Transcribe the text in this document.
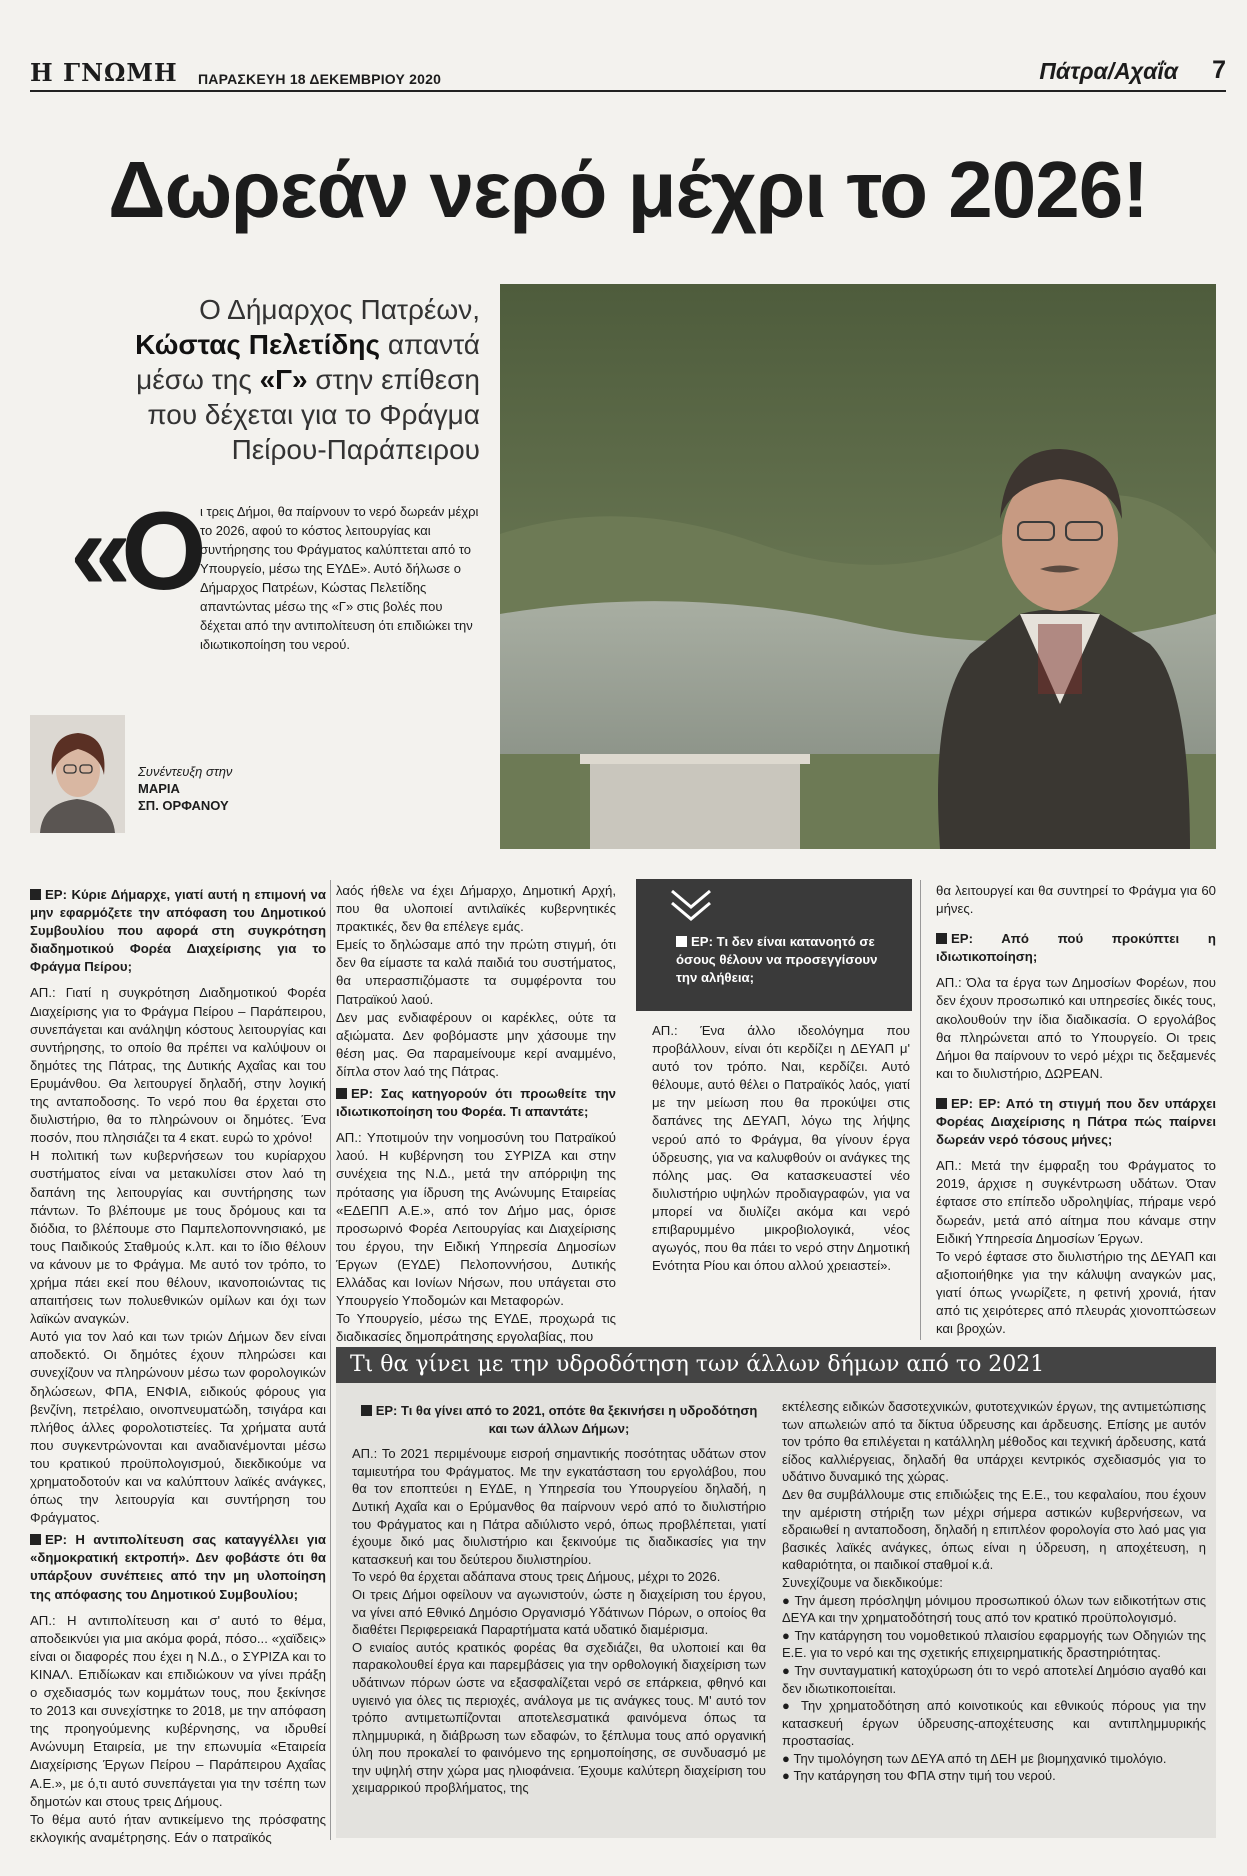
Η ΓΝΩΜΗ ΠΑΡΑΣΚΕΥΗ 18 ΔΕΚΕΜΒΡΙΟΥ 2020	Πάτρα/Αχαΐα 7
Δωρεάν νερό μέχρι το 2026!
Ο Δήμαρχος Πατρέων,
Κώστας Πελετίδης απαντά
μέσω της «Γ» στην επίθεση
που δέχεται για το Φράγμα
Πείρου-Παράπειρου
«Ο ι τρεις Δήμοι, θα παίρνουν το νερό δωρεάν μέχρι το 2026, αφού το κόστος λειτουργίας και συντήρησης του Φράγματος καλύπτεται από το Υπουργείο, μέσω της ΕΥΔΕ». Αυτό δήλωσε ο Δήμαρχος Πατρέων, Κώστας Πελετίδης απαντώντας μέσω της «Γ» στις βολές που δέχεται από την αντιπολίτευση ότι επιδιώκει την ιδιωτικοποίηση του νερού.
Συνέντευξη στην
ΜΑΡΙΑ
ΣΠ. ΟΡΦΑΝΟΥ

ΕΡ: Κύριε Δήμαρχε, γιατί αυτή η επιμονή να μην εφαρμόζετε την απόφαση του Δημοτικού Συμβουλίου που αφορά στη συγκρότηση διαδημοτικού Φορέα Διαχείρισης για το Φράγμα Πείρου;

ΑΠ.: Γιατί η συγκρότηση Διαδημοτικού Φορέα Διαχείρισης για το Φράγμα Πείρου – Παράπειρου, συνεπάγεται και ανάληψη κόστους λειτουργίας και συντήρησης, το οποίο θα πρέπει να καλύψουν οι δημότες της Πάτρας, της Δυτικής Αχαΐας και του Ερυμάνθου. Θα λειτουργεί δηλαδή, στην λογική της ανταποδοσης. Το νερό που θα έρχεται στο διυλιστήριο, θα το πληρώνουν οι δημότες. Ένα ποσόν, που πλησιάζει τα 4 εκατ. ευρώ το χρόνο!

Η πολιτική των κυβερνήσεων του κυρίαρχου συστήματος είναι να μετακυλίσει στον λαό τη δαπάνη της λειτουργίας και συντήρησης των πάντων. Το βλέπουμε με τους δρόμους και τα διόδια, το βλέπουμε στο Παμπελοποννησιακό, με τους Παιδικούς Σταθμούς κ.λπ. και το ίδιο θέλουν να κάνουν με το Φράγμα. Με αυτό τον τρόπο, το χρήμα πάει εκεί που θέλουν, ικανοποιώντας τις απαιτήσεις των πολυεθνικών ομίλων και όχι των λαϊκών αναγκών.

Αυτό για τον λαό και των τριών Δήμων δεν είναι αποδεκτό. Οι δημότες έχουν πληρώσει και συνεχίζουν να πληρώνουν μέσω των φορολογικών δηλώσεων, ΦΠΑ, ΕΝΦΙΑ, ειδικούς φόρους για βενζίνη, πετρέλαιο, οινοπνευματώδη, τσιγάρα και πλήθος άλλες φορολοτιστείες. Τα χρήματα αυτά που συγκεντρώνονται και αναδιανέμονται μέσω του κρατικού προϋπολογισμού, διεκδικούμε να χρηματοδοτούν και να καλύπτουν λαϊκές ανάγκες, όπως την λειτουργία και συντήρηση του Φράγματος.

ΕΡ: Η αντιπολίτευση σας καταγγέλλει για «δημοκρατική εκτροπή». Δεν φοβάστε ότι θα υπάρξουν συνέπειες από την μη υλοποίηση της απόφασης του Δημοτικού Συμβουλίου;

ΑΠ.: Η αντιπολίτευση και σ' αυτό το θέμα, αποδεικνύει για μια ακόμα φορά, πόσο... «χαϊδεις» είναι οι διαφορές που έχει η Ν.Δ., ο ΣΥΡΙΖΑ και το ΚΙΝΑΛ. Επιδίωκαν και επιδιώκουν να γίνει πράξη ο σχεδιασμός των κομμάτων τους, που ξεκίνησε το 2013 και συνεχίστηκε το 2018, με την απόφαση της προηγούμενης κυβέρνησης, να ιδρυθεί Ανώνυμη Εταιρεία, με την επωνυμία «Εταιρεία Διαχείρισης Έργων Πείρου – Παράπειρου Αχαΐας Α.Ε.», με ό,τι αυτό συνεπάγεται για την τσέπη των δημοτών και στους τρεις Δήμους.

Το θέμα αυτό ήταν αντικείμενο της πρόσφατης εκλογικής αναμέτρησης. Εάν ο πατραϊκός

λαός ήθελε να έχει Δήμαρχο, Δημοτική Αρχή, που θα υλοποιεί αντιλαϊκές κυβερνητικές πρακτικές, δεν θα επέλεγε εμάς.

Εμείς το δηλώσαμε από την πρώτη στιγμή, ότι δεν θα είμαστε τα καλά παιδιά του συστήματος, θα υπερασπιζόμαστε τα συμφέροντα του Πατραϊκού λαού.

Δεν μας ενδιαφέρουν οι καρέκλες, ούτε τα αξιώματα. Δεν φοβόμαστε μην χάσουμε την θέση μας. Θα παραμείνουμε κερί αναμμένο, δίπλα στον λαό της Πάτρας.

ΕΡ: Σας κατηγορούν ότι προωθείτε την ιδιωτικοποίηση του Φορέα. Τι απαντάτε;

ΑΠ.: Υποτιμούν την νοημοσύνη του Πατραϊκού λαού. Η κυβέρνηση του ΣΥΡΙΖΑ και στην συνέχεια της Ν.Δ., μετά την απόρριψη της πρότασης για ίδρυση της Ανώνυμης Εταιρείας «ΕΔΕΠΠ Α.Ε.», από τον Δήμο μας, όρισε προσωρινό Φορέα Λειτουργίας και Διαχείρισης του έργου, την Ειδική Υπηρεσία Δημοσίων Έργων (ΕΥΔΕ) Πελοποννήσου, Δυτικής Ελλάδας και Ιονίων Νήσων, που υπάγεται στο Υπουργείο Υποδομών και Μεταφορών.

Το Υπουργείο, μέσω της ΕΥΔΕ, προχωρά τις διαδικασίες δημοπράτησης εργολαβίας, που

ΕΡ: Τι δεν είναι κατανοητό σε όσους θέλουν να προσεγγίσουν την αλήθεια;

ΑΠ.: Ένα άλλο ιδεολόγημα που προβάλλουν, είναι ότι κερδίζει η ΔΕΥΑΠ μ' αυτό τον τρόπο. Ναι, κερδίζει. Αυτό θέλουμε, αυτό θέλει ο Πατραϊκός λαός, γιατί με την μείωση που θα προκύψει στις δαπάνες της ΔΕΥΑΠ, λόγω της λήψης νερού από το Φράγμα, θα γίνουν έργα ύδρευσης, για να καλυφθούν οι ανάγκες της πόλης μας. Θα κατασκευαστεί νέο διυλιστήριο υψηλών προδιαγραφών, για να μπορεί να διυλίζει ακόμα και νερό επιβαρυμμένο μικροβιολογικά, νέος αγωγός, που θα πάει το νερό στην Δημοτική Ενότητα Ρίου και όπου αλλού χρειαστεί».

θα λειτουργεί και θα συντηρεί το Φράγμα για 60 μήνες.

ΕΡ: Από πού προκύπτει η ιδιωτικοποίηση;

ΑΠ.: Όλα τα έργα των Δημοσίων Φορέων, που δεν έχουν προσωπικό και υπηρεσίες δικές τους, ακολουθούν την ίδια διαδικασία. Ο εργολάβος θα πληρώνεται από το Υπουργείο. Οι τρεις Δήμοι θα παίρνουν το νερό μέχρι τις δεξαμενές και το διυλιστήριο, ΔΩΡΕΑΝ.

ΕΡ: ΕΡ: Από τη στιγμή που δεν υπάρχει Φορέας Διαχείρισης η Πάτρα πώς παίρνει δωρεάν νερό τόσους μήνες;

ΑΠ.: Μετά την έμφραξη του Φράγματος το 2019, άρχισε η συγκέντρωση υδάτων. Όταν έφτασε στο επίπεδο υδροληψίας, πήραμε νερό δωρεάν, μετά από αίτημα που κάναμε στην Ειδική Υπηρεσία Δημοσίων Έργων.

Το νερό έφτασε στο διυλιστήριο της ΔΕΥΑΠ και αξιοποιήθηκε για την κάλυψη αναγκών μας, γιατί όπως γνωρίζετε, η φετινή χρονιά, ήταν από τις χειρότερες από πλευράς χιονοπτώσεων και βροχών.

Τι θα γίνει με την υδροδότηση των άλλων δήμων από το 2021

ΕΡ: Τι θα γίνει από το 2021, οπότε θα ξεκινήσει η υδροδότηση και των άλλων Δήμων;

ΑΠ.: Το 2021 περιμένουμε εισροή σημαντικής ποσότητας υδάτων στον ταμιευτήρα του Φράγματος. Με την εγκατάσταση του εργολάβου, που θα τον εποπτεύει η ΕΥΔΕ, η Υπηρεσία του Υπουργείου δηλαδή, η Δυτική Αχαΐα και ο Ερύμανθος θα παίρνουν νερό από το διυλιστήριο του Φράγματος και η Πάτρα αδιύλιστο νερό, όπως προβλέπεται, γιατί έχουμε δικό μας διυλιστήριο και ξεκινούμε τις διαδικασίες για την κατασκευή και του δεύτερου διυλιστηρίου.

Το νερό θα έρχεται αδάπανα στους τρεις Δήμους, μέχρι το 2026.

Οι τρεις Δήμοι οφείλουν να αγωνιστούν, ώστε η διαχείριση του έργου, να γίνει από Εθνικό Δημόσιο Οργανισμό Υδάτινων Πόρων, ο οποίος θα διαθέτει Περιφερειακά Παραρτήματα κατά υδατικό διαμέρισμα.

Ο ενιαίος αυτός κρατικός φορέας θα σχεδιάζει, θα υλοποιεί και θα παρακολουθεί έργα και παρεμβάσεις για την ορθολογική διαχείριση των υδάτινων πόρων ώστε να εξασφαλίζεται νερό σε επάρκεια, φθηνό και υγιεινό για όλες τις περιοχές, ανάλογα με τις ανάγκες τους. Μ' αυτό τον τρόπο αντιμετωπίζονται αποτελεσματικά φαινόμενα όπως τα πλημμυρικά, η διάβρωση των εδαφών, το ξέπλυμα τους από οργανική ύλη που προκαλεί το φαινόμενο της ερημοποίησης, σε συνδυασμό με την υψηλή στην χώρα μας ηλιοφάνεια. Έχουμε καλύτερη διαχείριση του χειμαρρικού προβλήματος, της

εκτέλεσης ειδικών δασοτεχνικών, φυτοτεχνικών έργων, της αντιμετώπισης των απωλειών από τα δίκτυα ύδρευσης και άρδευσης. Επίσης με αυτόν τον τρόπο θα επιλέγεται η κατάλληλη μέθοδος και τεχνική άρδευσης, κατά είδος καλλιέργειας, δηλαδή θα υπάρχει κεντρικός σχεδιασμός για το υδάτινο δυναμικό της χώρας.

Δεν θα συμβάλλουμε στις επιδιώξεις της Ε.Ε., του κεφαλαίου, που έχουν την αμέριστη στήριξη των μέχρι σήμερα αστικών κυβερνήσεων, να εδραιωθεί η ανταποδοση, δηλαδή η επιπλέον φορολογία στο λαό μας για βασικές λαϊκές ανάγκες, όπως είναι η ύδρευση, η αποχέτευση, η καθαριότητα, οι παιδικοί σταθμοί κ.ά.

Συνεχίζουμε να διεκδικούμε:

● Την άμεση πρόσληψη μόνιμου προσωπικού όλων των ειδικοτήτων στις ΔΕΥΑ και την χρηματοδότησή τους από τον κρατικό προϋπολογισμό.

● Την κατάργηση του νομοθετικού πλαισίου εφαρμογής των Οδηγιών της Ε.Ε. για το νερό και της σχετικής επιχειρηματικής δραστηριότητας.

● Την συνταγματική κατοχύρωση ότι το νερό αποτελεί Δημόσιο αγαθό και δεν ιδιωτικοποιείται.

● Την χρηματοδότηση από κοινοτικούς και εθνικούς πόρους για την κατασκευή έργων ύδρευσης-αποχέτευσης και αντιπλημμυρικής προστασίας.

● Την τιμολόγηση των ΔΕΥΑ από τη ΔΕΗ με βιομηχανικό τιμολόγιο.

● Την κατάργηση του ΦΠΑ στην τιμή του νερού.
